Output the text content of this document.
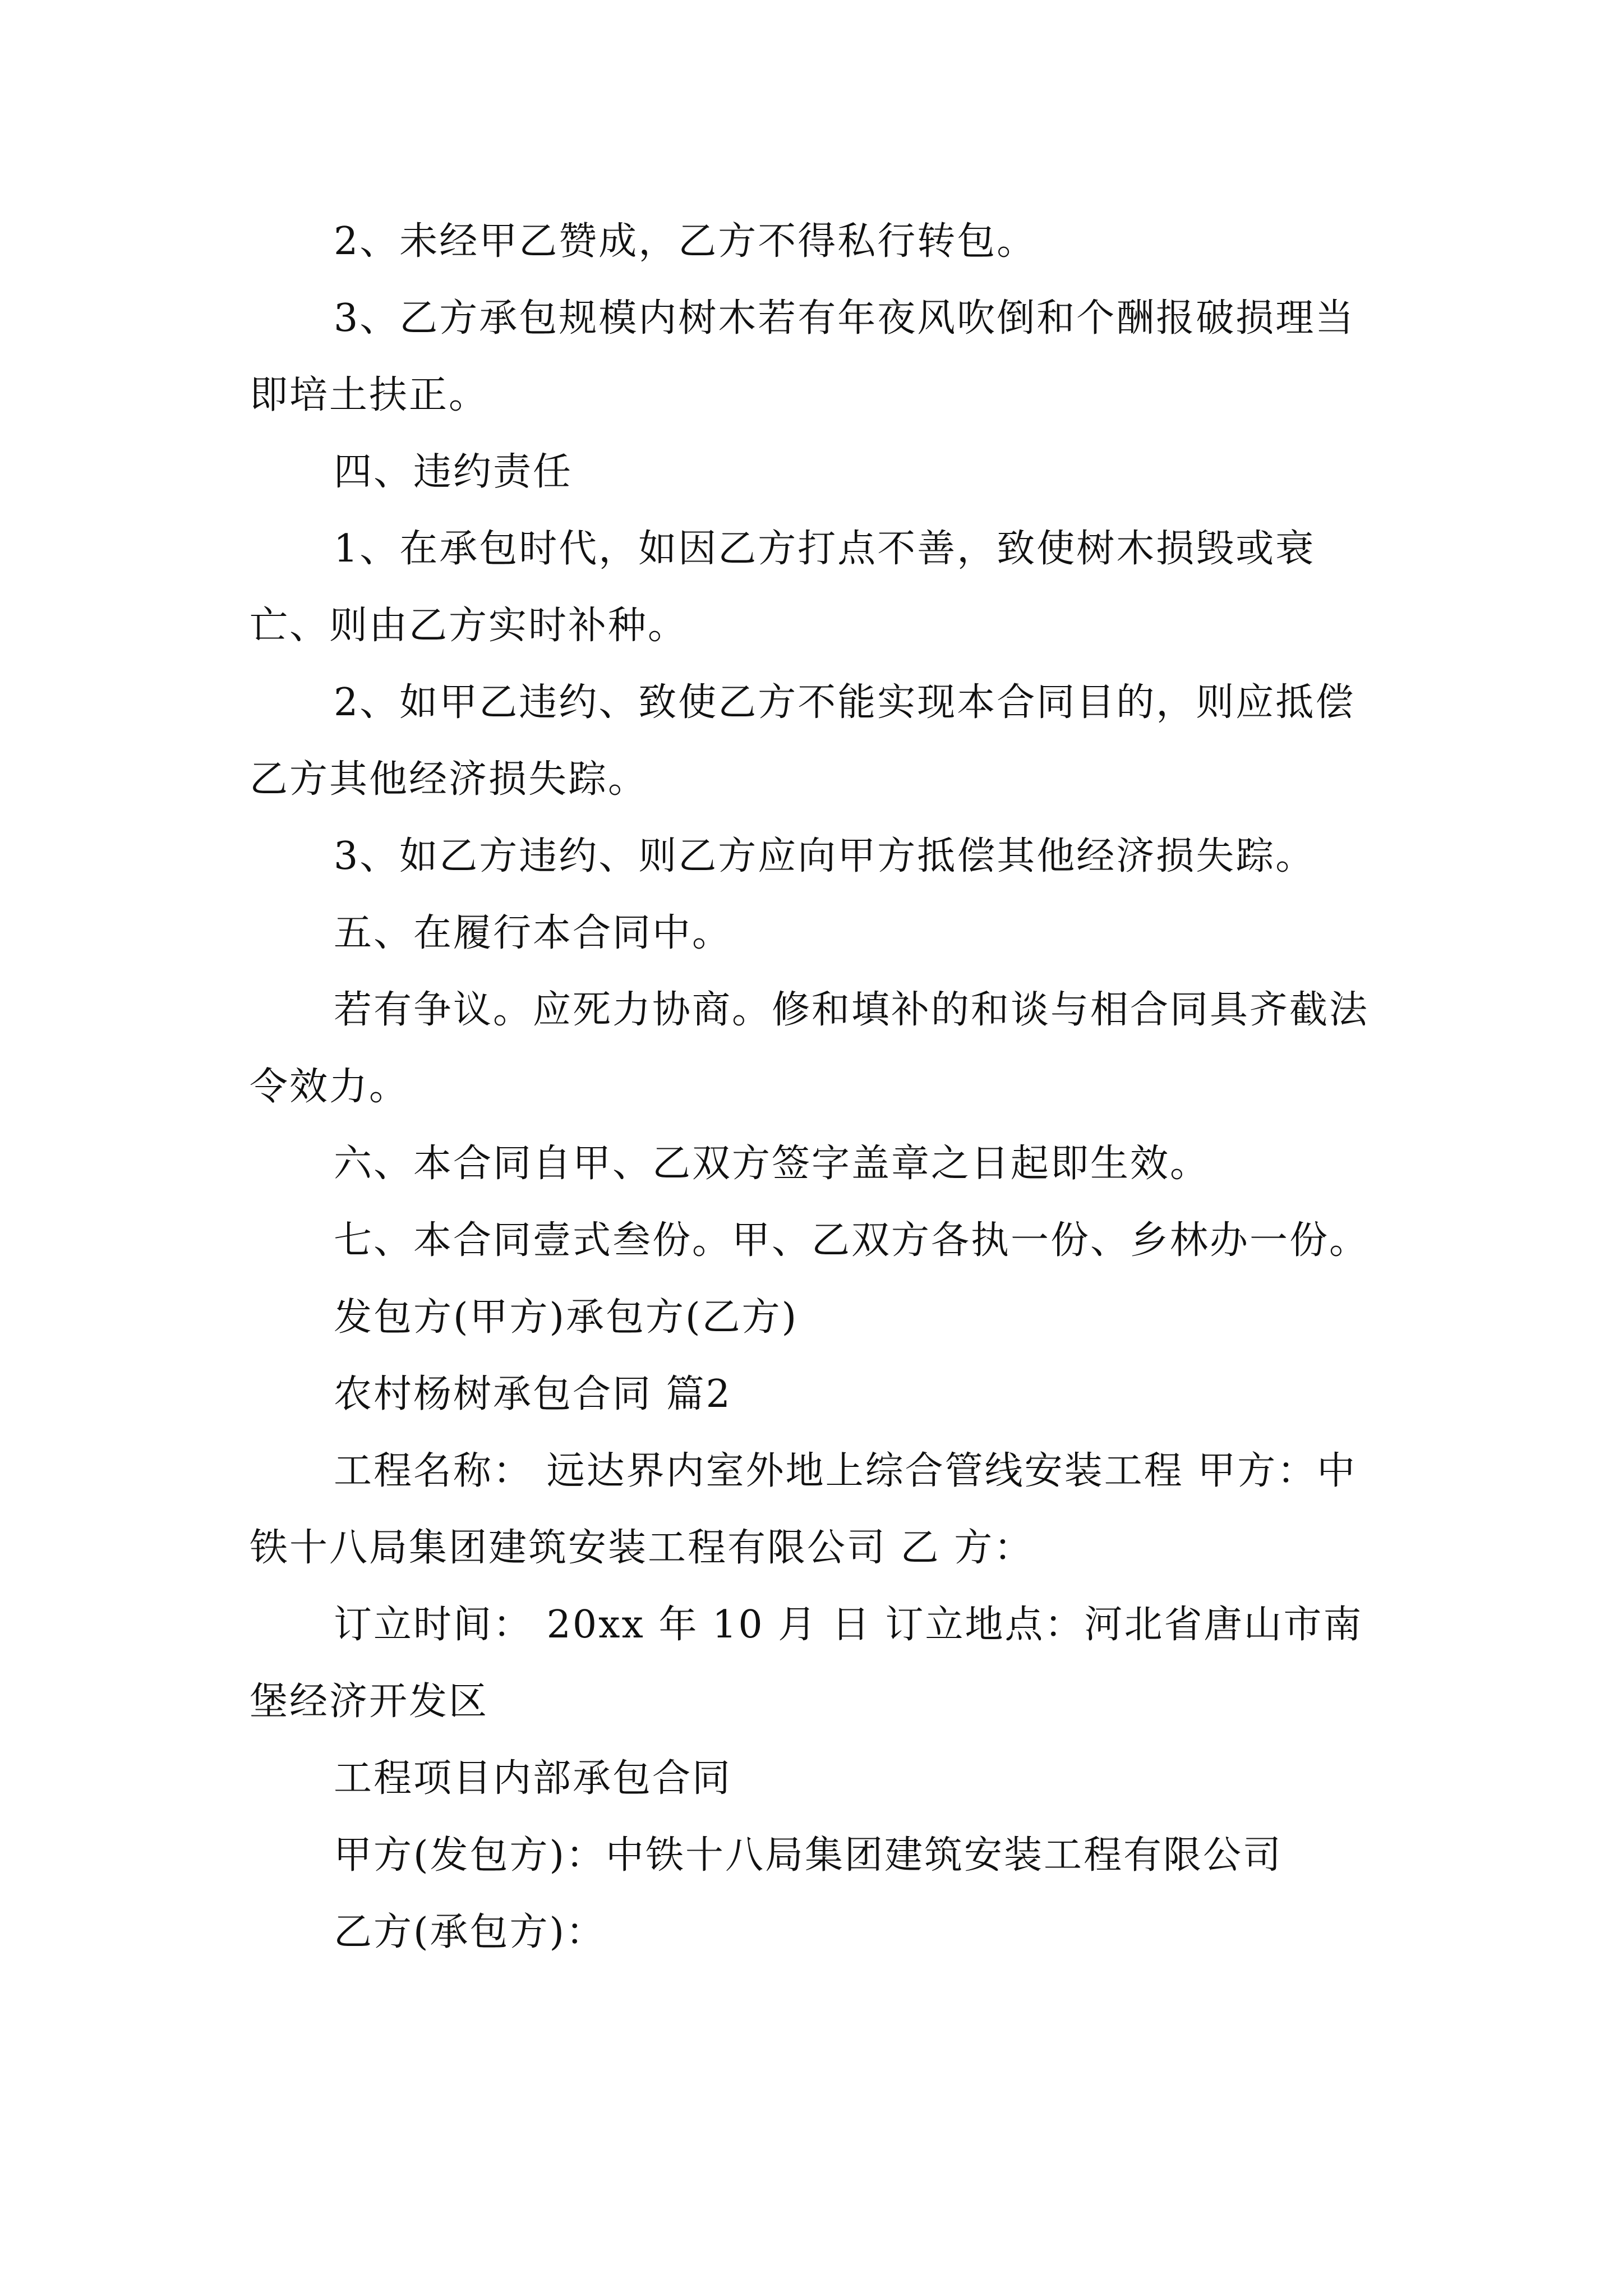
2、未经甲乙赞成，乙方不得私行转包。

3、乙方承包规模内树木若有年夜风吹倒和个酬报破损理当即培土扶正。

四、违约责任

1、在承包时代，如因乙方打点不善，致使树木损毁或衰亡、则由乙方实时补种。

2、如甲乙违约、致使乙方不能实现本合同目的，则应抵偿乙方其他经济损失踪。

3、如乙方违约、则乙方应向甲方抵偿其他经济损失踪。

五、在履行本合同中。

若有争议。应死力协商。修和填补的和谈与相合同具齐截法令效力。

六、本合同自甲、乙双方签字盖章之日起即生效。

七、本合同壹式叁份。甲、乙双方各执一份、乡林办一份。

发包方(甲方)承包方(乙方)

农村杨树承包合同 篇2

工程名称： 远达界内室外地上综合管线安装工程 甲方：中铁十八局集团建筑安装工程有限公司 乙 方：

订立时间： 20xx 年 10 月 日 订立地点：河北省唐山市南堡经济开发区

工程项目内部承包合同

甲方(发包方)：中铁十八局集团建筑安装工程有限公司

乙方(承包方)：
